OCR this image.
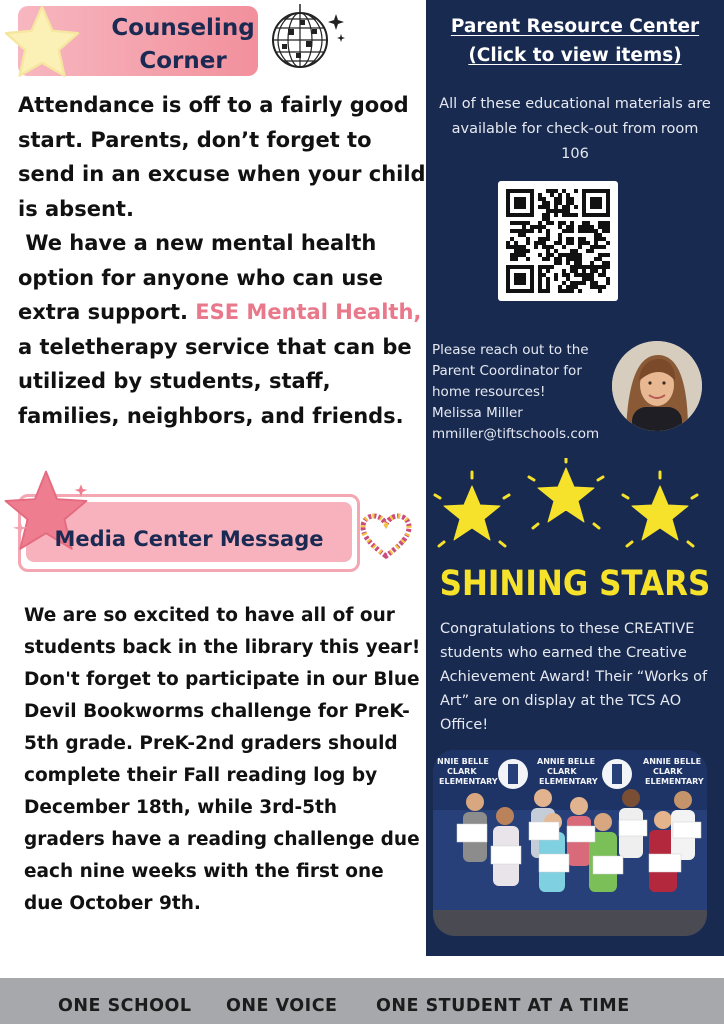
Counseling
Corner

Attendance is off to a fairly good start. Parents, don’t forget to send in an excuse when your child is absent.

We have a new mental health option for anyone who can use extra support. ESE Mental Health, a teletherapy service that can be utilized by students, staff, families, neighbors, and friends.

Media Center Message
We are so excited to have all of our students back in the library this year! Don't forget to participate in our Blue Devil Bookworms challenge for PreK-5th grade. PreK-2nd graders should complete their Fall reading log by December 18th, while 3rd-5th graders have a reading challenge due each nine weeks with the first one due October 9th.
Parent Resource Center
(Click to view items)
All of these educational materials are available for check-out from room 106
Please reach out to the
Parent Coordinator for
home resources!
Melissa Miller
mmiller@tiftschools.com
SHINING STARS
Congratulations to these CREATIVE students who earned the Creative Achievement Award! Their “Works of Art” are on display at the TCS AO Office!
NNIE BELLE
CLARK
ELEMENTARY
ANNIE BELLE
CLARK
ELEMENTARY
ANNIE BELLE
CLARK
ELEMENTARY
ONE SCHOOL ONE VOICE ONE STUDENT AT A TIME
